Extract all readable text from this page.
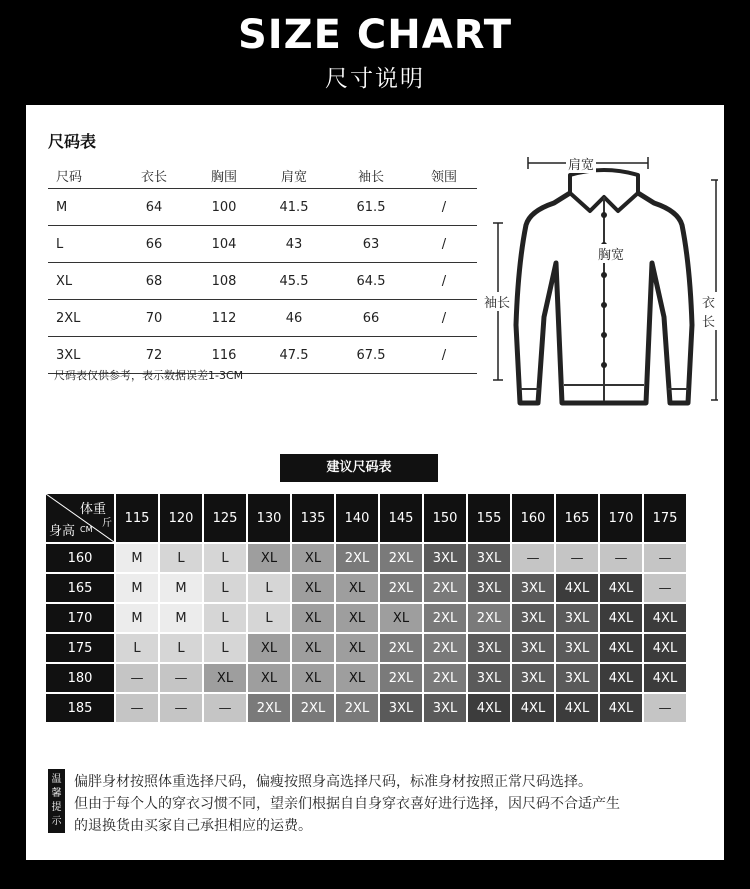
SIZE CHART
尺寸说明
尺码表
尺码	衣长	胸围	肩宽	袖长	领围
M	64	100	41.5	61.5	/
L	66	104	43	63	/
XL	68	108	45.5	64.5	/
2XL	70	112	46	66	/
3XL	72	116	47.5	67.5	/
尺码表仅供参考，表示数据误差1-3CM
肩宽
胸宽
袖长	衣长
建议尺码表
体重
斤
身高 CM	115	120	125	130	135	140	145	150	155	160	165	170	175
160	M	L	L	XL	XL	2XL	2XL	3XL	3XL	—	—	—	—
165	M	M	L	L	XL	XL	2XL	2XL	3XL	3XL	4XL	4XL	—
170	M	M	L	L	XL	XL	XL	2XL	2XL	3XL	3XL	4XL	4XL
175	L	L	L	XL	XL	XL	2XL	2XL	3XL	3XL	3XL	4XL	4XL
180	—	—	XL	XL	XL	XL	2XL	2XL	3XL	3XL	3XL	4XL	4XL
185	—	—	—	2XL	2XL	2XL	3XL	3XL	4XL	4XL	4XL	4XL	—
温
馨
提
示
偏胖身材按照体重选择尺码，偏瘦按照身高选择尺码，标准身材按照正常尺码选择。
但由于每个人的穿衣习惯不同，望亲们根据自自身穿衣喜好进行选择，因尺码不合适产生
的退换货由买家自己承担相应的运费。
